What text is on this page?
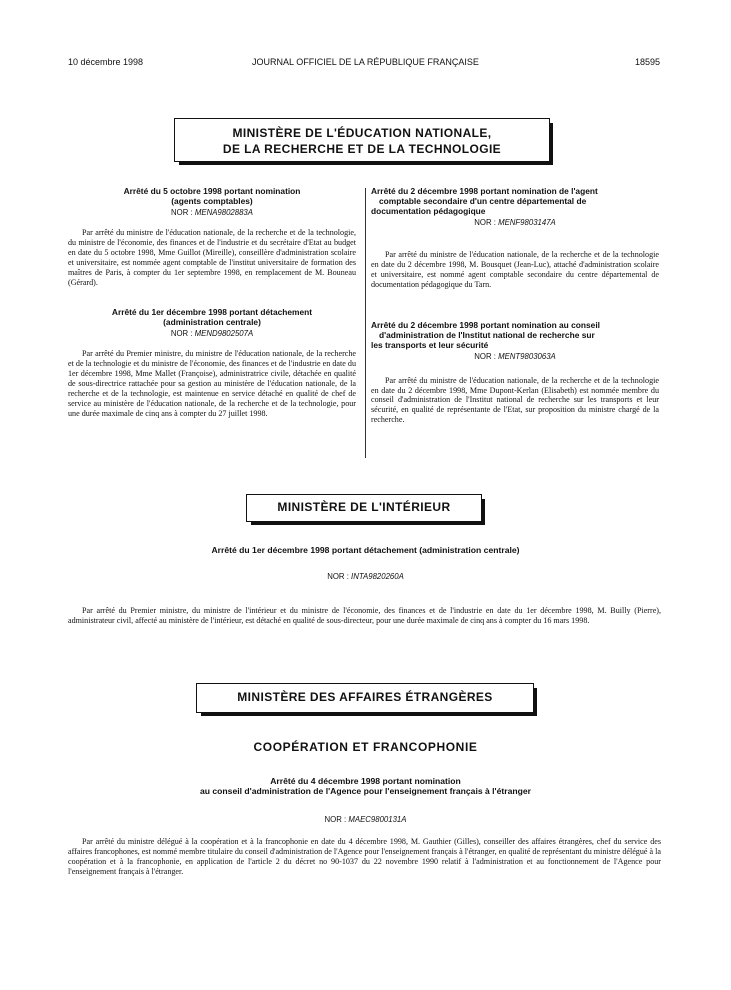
10 décembre 1998	JOURNAL OFFICIEL DE LA RÉPUBLIQUE FRANÇAISE	18595
MINISTÈRE DE L'ÉDUCATION NATIONALE,
DE LA RECHERCHE ET DE LA TECHNOLOGIE

Arrêté du 5 octobre 1998 portant nomination

(agents comptables)

NOR : MENA9802883A

Par arrêté du ministre de l'éducation nationale, de la recherche et de la technologie, du ministre de l'économie, des finances et de l'industrie et du secrétaire d'Etat au budget en date du 5 octobre 1998, Mme Guillot (Mireille), conseillère d'administration scolaire et universitaire, est nommée agent comptable de l'institut universitaire de formation des maîtres de Paris, à compter du 1er septembre 1998, en remplacement de M. Bouneau (Gérard).

Arrêté du 1er décembre 1998 portant détachement

(administration centrale)

NOR : MEND9802507A

Par arrêté du Premier ministre, du ministre de l'éducation nationale, de la recherche et de la technologie et du ministre de l'économie, des finances et de l'industrie en date du 1er décembre 1998, Mme Mallet (Françoise), administratrice civile, détachée en qualité de sous-directrice rattachée pour sa gestion au ministère de l'éducation nationale, de la recherche et de la technologie, est maintenue en service détaché en qualité de chef de service au ministère de l'éducation nationale, de la recherche et de la technologie, pour une durée maximale de cinq ans à compter du 27 juillet 1998.

Arrêté du 2 décembre 1998 portant nomination de l'agent

comptable secondaire d'un centre départemental de

documentation pédagogique

NOR : MENF9803147A

Par arrêté du ministre de l'éducation nationale, de la recherche et de la technologie en date du 2 décembre 1998, M. Bousquet (Jean-Luc), attaché d'administration scolaire et universitaire, est nommé agent comptable secondaire du centre départemental de documentation pédagogique du Tarn.

Arrêté du 2 décembre 1998 portant nomination au conseil

d'administration de l'Institut national de recherche sur

les transports et leur sécurité

NOR : MENT9803063A

Par arrêté du ministre de l'éducation nationale, de la recherche et de la technologie en date du 2 décembre 1998, Mme Dupont-Kerlan (Elisabeth) est nommée membre du conseil d'administration de l'Institut national de recherche sur les transports et leur sécurité, en qualité de représentante de l'Etat, sur proposition du ministre chargé de la recherche.

MINISTÈRE DE L'INTÉRIEUR
Arrêté du 1er décembre 1998 portant détachement (administration centrale)
NOR : INTA9820260A

Par arrêté du Premier ministre, du ministre de l'intérieur et du ministre de l'économie, des finances et de l'industrie en date du 1er décembre 1998, M. Builly (Pierre), administrateur civil, affecté au ministère de l'intérieur, est détaché en qualité de sous-directeur, pour une durée maximale de cinq ans à compter du 16 mars 1998.

MINISTÈRE DES AFFAIRES ÉTRANGÈRES
COOPÉRATION ET FRANCOPHONIE
Arrêté du 4 décembre 1998 portant nomination
au conseil d'administration de l'Agence pour l'enseignement français à l'étranger
NOR : MAEC9800131A

Par arrêté du ministre délégué à la coopération et à la francophonie en date du 4 décembre 1998, M. Gauthier (Gilles), conseiller des affaires étrangères, chef du service des affaires francophones, est nommé membre titulaire du conseil d'administration de l'Agence pour l'enseignement français à l'étranger, en qualité de représentant du ministre délégué à la coopération et à la francophonie, en application de l'article 2 du décret no 90-1037 du 22 novembre 1990 relatif à l'administration et au fonctionnement de l'Agence pour l'enseignement français à l'étranger.
